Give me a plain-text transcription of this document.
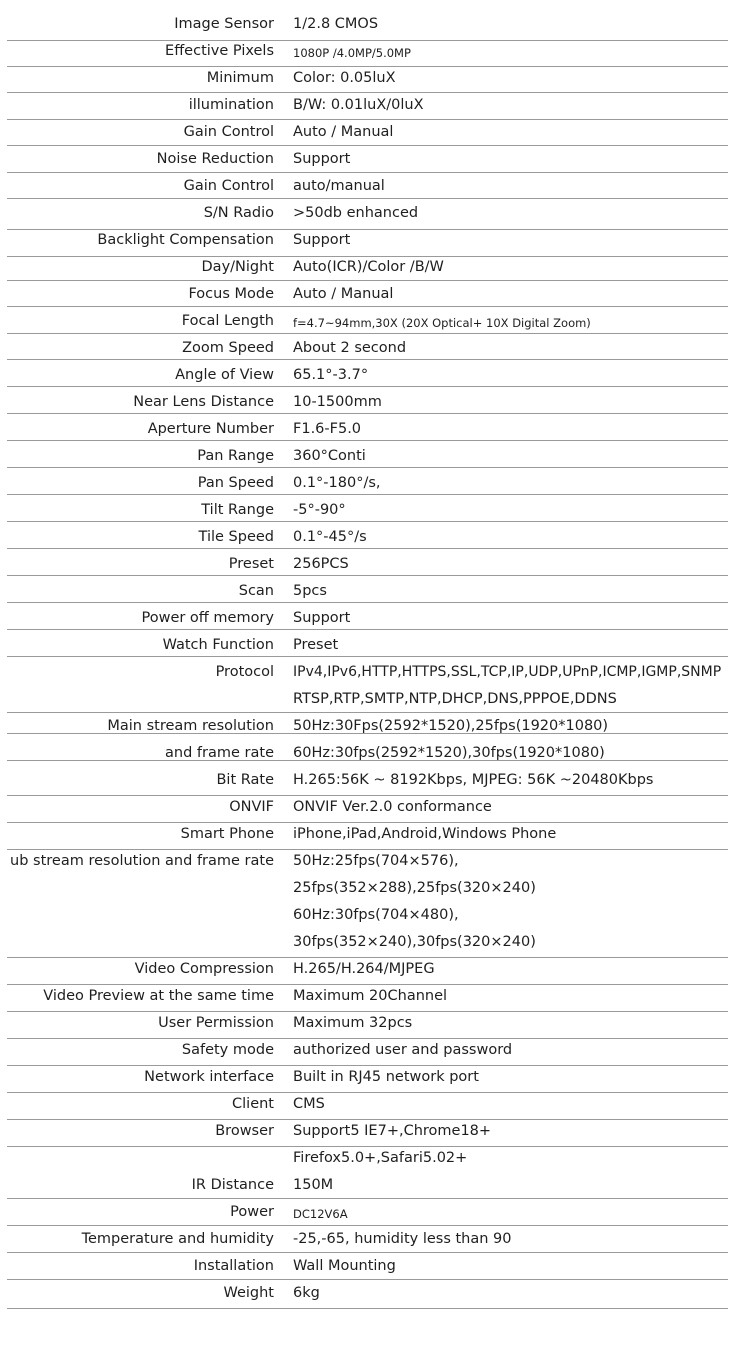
Image Sensor 1/2.8 CMOS
Effective Pixels 1080P /4.0MP/5.0MP
Minimum Color: 0.05luX
illumination B/W: 0.01luX/0luX
Gain Control Auto / Manual
Noise Reduction Support
Gain Control auto/manual
S/N Radio >50db enhanced
Backlight Compensation Support
Day/Night Auto(ICR)/Color /B/W
Focus Mode Auto / Manual
Focal Length f=4.7~94mm,30X (20X Optical+ 10X Digital Zoom)
Zoom Speed About 2 second
Angle of View 65.1°-3.7°
Near Lens Distance 10-1500mm
Aperture Number F1.6-F5.0
Pan Range 360°Conti
Pan Speed 0.1°-180°/s,
Tilt Range -5°-90°
Tile Speed 0.1°-45°/s
Preset 256PCS
Scan 5pcs
Power off memory Support
Watch Function Preset
Protocol IPv4,IPv6,HTTP,HTTPS,SSL,TCP,IP,UDP,UPnP,ICMP,IGMP,SNMP
RTSP,RTP,SMTP,NTP,DHCP,DNS,PPPOE,DDNS
Main stream resolution 50Hz:30Fps(2592*1520),25fps(1920*1080)
and frame rate 60Hz:30fps(2592*1520),30fps(1920*1080)
Bit Rate H.265:56K ~ 8192Kbps, MJPEG: 56K ~20480Kbps
ONVIF ONVIF Ver.2.0 conformance
Smart Phone iPhone,iPad,Android,Windows Phone
ub stream resolution and frame rate 50Hz:25fps(704×576),
25fps(352×288),25fps(320×240)
60Hz:30fps(704×480),
30fps(352×240),30fps(320×240)
Video Compression H.265/H.264/MJPEG
Video Preview at the same time Maximum 20Channel
User Permission Maximum 32pcs
Safety mode authorized user and password
Network interface Built in RJ45 network port
Client CMS
Browser Support5 IE7+,Chrome18+
Firefox5.0+,Safari5.02+
IR Distance 150M
Power DC12V6A
Temperature and humidity -25,-65, humidity less than 90
Installation Wall Mounting
Weight 6kg
